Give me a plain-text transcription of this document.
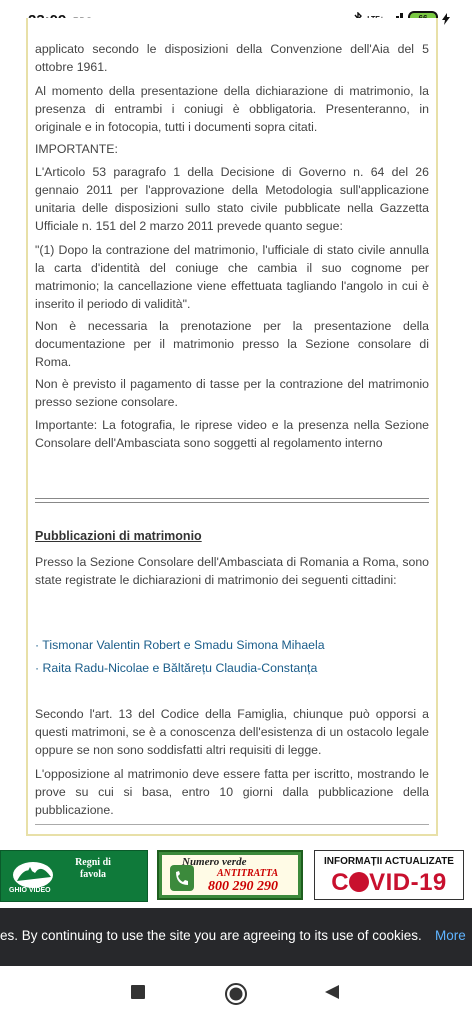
applicato secondo le disposizioni della Convenzione dell'Aia del 5 ottobre 1961.

Al momento della presentazione della dichiarazione di matrimonio, la presenza di entrambi i coniugi è obbligatoria. Presenteranno, in originale e in fotocopia, tutti i documenti sopra citati.

IMPORTANTE:

L'Articolo 53 paragrafo 1 della Decisione di Governo n. 64 del 26 gennaio 2011 per l'approvazione della Metodologia sull'applicazione unitaria delle disposizioni sullo stato civile pubblicate nella Gazzetta Ufficiale n. 151 del 2 marzo 2011 prevede quanto segue:

"(1) Dopo la contrazione del matrimonio, l'ufficiale di stato civile annulla la carta d'identità del coniuge che cambia il suo cognome per matrimonio; la cancellazione viene effettuata tagliando l'angolo in cui è inserito il periodo di validità".

Non è necessaria la prenotazione per la presentazione della documentazione per il matrimonio presso la Sezione consolare di Roma.

Non è previsto il pagamento di tasse per la contrazione del matrimonio presso sezione consolare.

Importante: La fotografia, le riprese video e la presenza nella Sezione Consolare dell'Ambasciata sono soggetti al regolamento interno

Presso la Sezione Consolare dell'Ambasciata di Romania a Roma, sono state registrate le dichiarazioni di matrimonio dei seguenti cittadini:

Secondo l'art. 13 del Codice della Famiglia, chiunque può opporsi a questi matrimoni, se è a conoscenza dell'esistenza di un ostacolo legale oppure se non sono soddisfatti altri requisiti di legge.

L'opposizione al matrimonio deve essere fatta per iscritto, mostrando le prove su cui si basa, entro 10 giorni dalla pubblicazione della pubblicazione.

Pubblicazioni di matrimonio
· Tismonar Valentin Robert e Smadu Simona Mihaela
· Raita Radu-Nicolae e Băltărețu Claudia-Constanța
GHIO VIDEO
Regni di favola
Numero verde
ANTITRATTA
800 290 290
INFORMAȚII ACTUALIZATE
C VID-19
es. By continuing to use the site you are agreeing to its use of cookies. More
